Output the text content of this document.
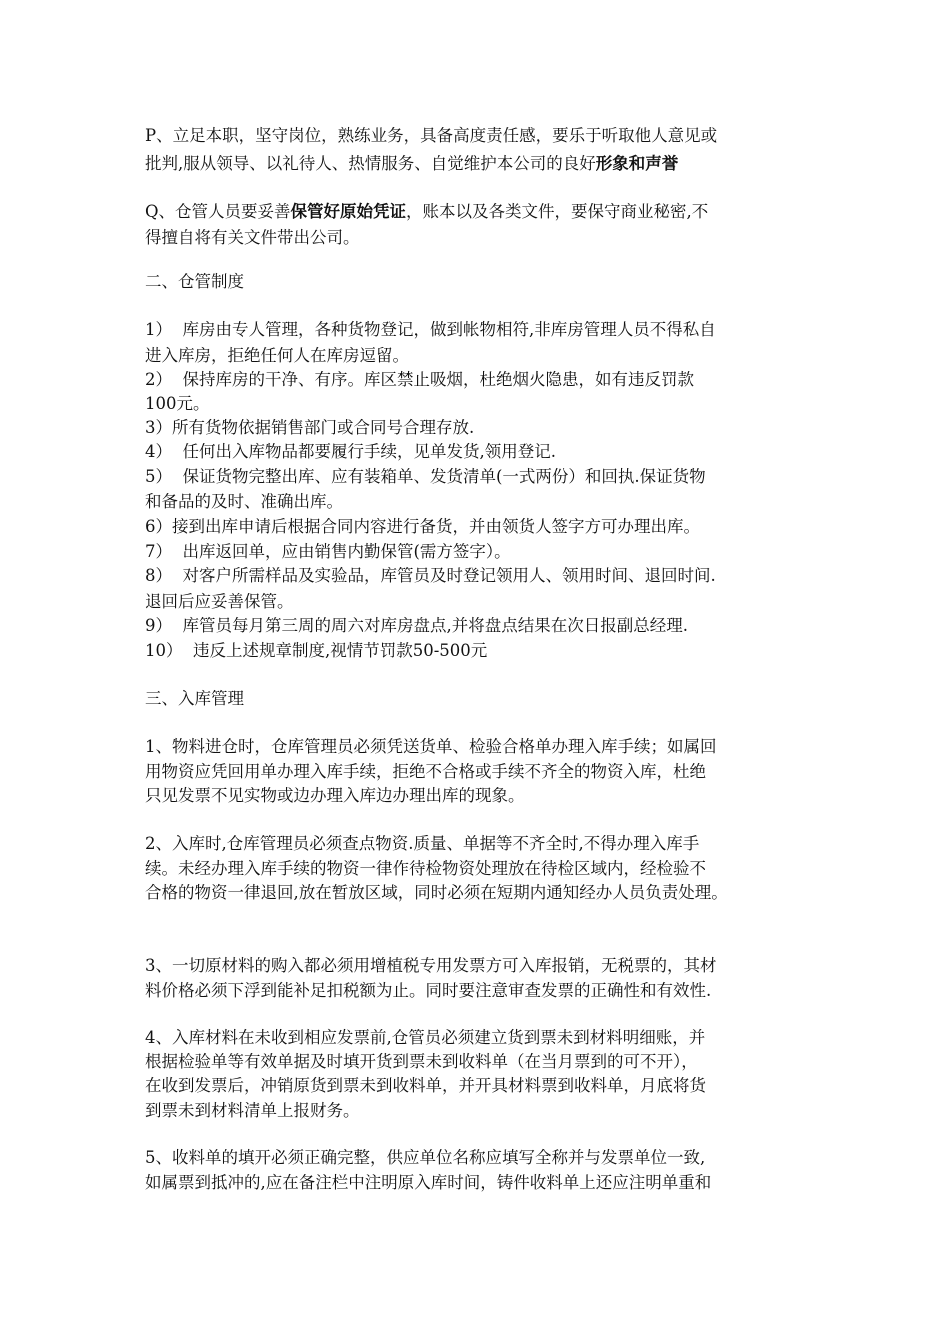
P、立足本职，坚守岗位，熟练业务，具备高度责任感，要乐于听取他人意见或
批判,服从领导、以礼待人、热情服务、自觉维护本公司的良好形象和声誉
Q、仓管人员要妥善保管好原始凭证，账本以及各类文件，要保守商业秘密,不
得擅自将有关文件带出公司。
二、仓管制度
1）  库房由专人管理，各种货物登记，做到帐物相符,非库房管理人员不得私自
进入库房，拒绝任何人在库房逗留。
2）  保持库房的干净、有序。库区禁止吸烟，杜绝烟火隐患，如有违反罚款
100元。
3）所有货物依据销售部门或合同号合理存放.
4）  任何出入库物品都要履行手续，见单发货,领用登记.
5）  保证货物完整出库、应有装箱单、发货清单(一式两份）和回执.保证货物
和备品的及时、准确出库。
6）接到出库申请后根据合同内容进行备货，并由领货人签字方可办理出库。
7）  出库返回单，应由销售内勤保管(需方签字）。
8）  对客户所需样品及实验品，库管员及时登记领用人、领用时间、退回时间.
退回后应妥善保管。
9）  库管员每月第三周的周六对库房盘点,并将盘点结果在次日报副总经理.
10）  违反上述规章制度,视情节罚款50-500元
三、入库管理
1、物料进仓时，仓库管理员必须凭送货单、检验合格单办理入库手续；如属回
用物资应凭回用单办理入库手续，拒绝不合格或手续不齐全的物资入库，杜绝
只见发票不见实物或边办理入库边办理出库的现象。
2、入库时,仓库管理员必须查点物资.质量、单据等不齐全时,不得办理入库手
续。未经办理入库手续的物资一律作待检物资处理放在待检区域内，经检验不
合格的物资一律退回,放在暂放区域，同时必须在短期内通知经办人员负责处理。
3、一切原材料的购入都必须用增植税专用发票方可入库报销，无税票的，其材
料价格必须下浮到能补足扣税额为止。同时要注意审查发票的正确性和有效性.
4、入库材料在未收到相应发票前,仓管员必须建立货到票未到材料明细账，并
根据检验单等有效单据及时填开货到票未到收料单（在当月票到的可不开），
在收到发票后，冲销原货到票未到收料单，并开具材料票到收料单，月底将货
到票未到材料清单上报财务。
5、收料单的填开必须正确完整，供应单位名称应填写全称并与发票单位一致,
如属票到抵冲的,应在备注栏中注明原入库时间，铸件收料单上还应注明单重和
